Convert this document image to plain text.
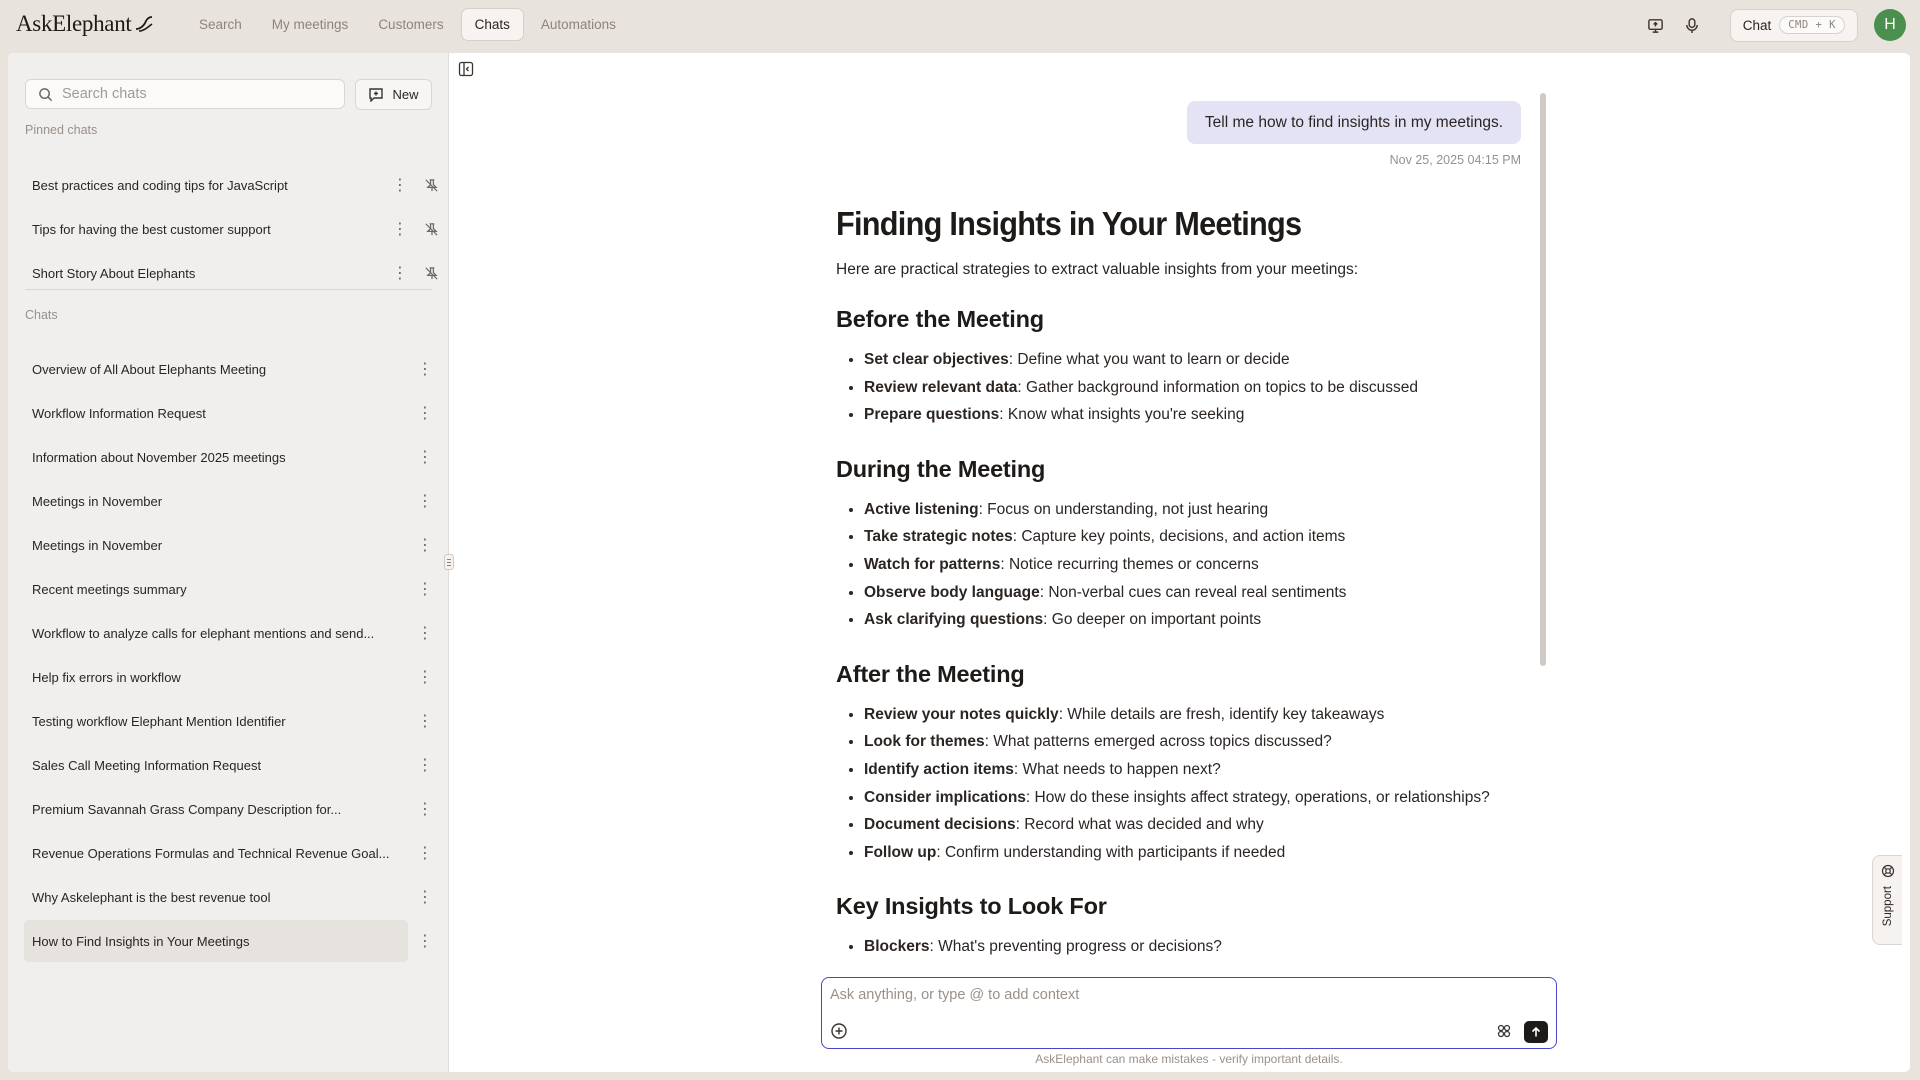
AskElephant	Search	My meetings	Customers	Chats	Automations	Chat	CMD + K	H
Search chats
New
Pinned chats
Best practices and coding tips for JavaScript	⋮
Tips for having the best customer support	⋮
Short Story About Elephants	⋮
Chats
Overview of All About Elephants Meeting	⋮
Workflow Information Request	⋮
Information about November 2025 meetings	⋮
Meetings in November	⋮
Meetings in November	⋮
Recent meetings summary	⋮
Workflow to analyze calls for elephant mentions and send...	⋮
Help fix errors in workflow	⋮
Testing workflow Elephant Mention Identifier	⋮
Sales Call Meeting Information Request	⋮
Premium Savannah Grass Company Description for...	⋮
Revenue Operations Formulas and Technical Revenue Goal... ⋮
Why Askelephant is the best revenue tool	⋮
How to Find Insights in Your Meetings	⋮
Tell me how to find insights in my meetings.
Nov 25, 2025 04:15 PM
Finding Insights in Your Meetings

Here are practical strategies to extract valuable insights from your meetings:

Before the Meeting
• Set clear objectives: Define what you want to learn or decide
• Review relevant data: Gather background information on topics to be discussed
• Prepare questions: Know what insights you're seeking
During the Meeting
• Active listening: Focus on understanding, not just hearing
• Take strategic notes: Capture key points, decisions, and action items
• Watch for patterns: Notice recurring themes or concerns
• Observe body language: Non-verbal cues can reveal real sentiments
• Ask clarifying questions: Go deeper on important points
After the Meeting
• Review your notes quickly: While details are fresh, identify key takeaways
• Look for themes: What patterns emerged across topics discussed?
• Identify action items: What needs to happen next?
• Consider implications: How do these insights affect strategy, operations, or relationships?
• Document decisions: Record what was decided and why
• Follow up: Confirm understanding with participants if needed
Key Insights to Look For
• Blockers: What's preventing progress or decisions?
Ask anything, or type @ to add context
AskElephant can make mistakes - verify important details.
Support
